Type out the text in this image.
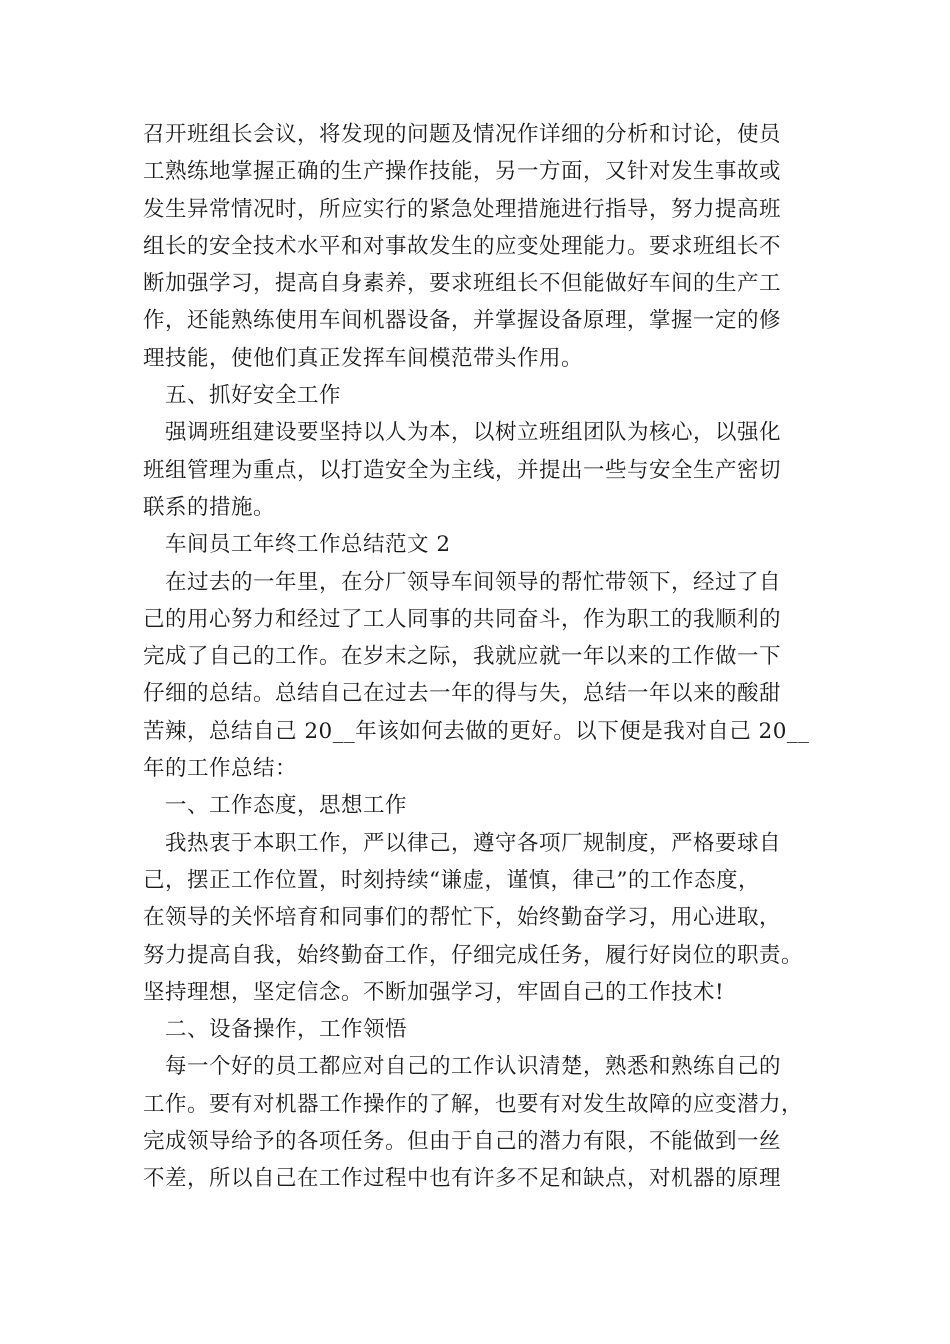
召开班组长会议，将发现的问题及情况作详细的分析和讨论，使员
工熟练地掌握正确的生产操作技能，另一方面，又针对发生事故或
发生异常情况时，所应实行的紧急处理措施进行指导，努力提高班
组长的安全技术水平和对事故发生的应变处理能力。要求班组长不
断加强学习，提高自身素养，要求班组长不但能做好车间的生产工
作，还能熟练使用车间机器设备，并掌握设备原理，掌握一定的修
理技能，使他们真正发挥车间模范带头作用。
五、抓好安全工作
强调班组建设要坚持以人为本，以树立班组团队为核心，以强化
班组管理为重点，以打造安全为主线，并提出一些与安全生产密切
联系的措施。
车间员工年终工作总结范文 2
在过去的一年里，在分厂领导车间领导的帮忙带领下，经过了自
己的用心努力和经过了工人同事的共同奋斗，作为职工的我顺利的
完成了自己的工作。在岁末之际，我就应就一年以来的工作做一下
仔细的总结。总结自己在过去一年的得与失，总结一年以来的酸甜
苦辣，总结自己 20__年该如何去做的更好。以下便是我对自己 20__
年的工作总结：
一、工作态度，思想工作
我热衷于本职工作，严以律己，遵守各项厂规制度，严格要球自
己，摆正工作位置，时刻持续“谦虚，谨慎，律己”的工作态度，
在领导的关怀培育和同事们的帮忙下，始终勤奋学习，用心进取，
努力提高自我，始终勤奋工作，仔细完成任务，履行好岗位的职责。
坚持理想，坚定信念。不断加强学习，牢固自己的工作技术!
二、设备操作，工作领悟
每一个好的员工都应对自己的工作认识清楚，熟悉和熟练自己的
工作。要有对机器工作操作的了解，也要有对发生故障的应变潜力，
完成领导给予的各项任务。但由于自己的潜力有限，不能做到一丝
不差，所以自己在工作过程中也有许多不足和缺点，对机器的原理
